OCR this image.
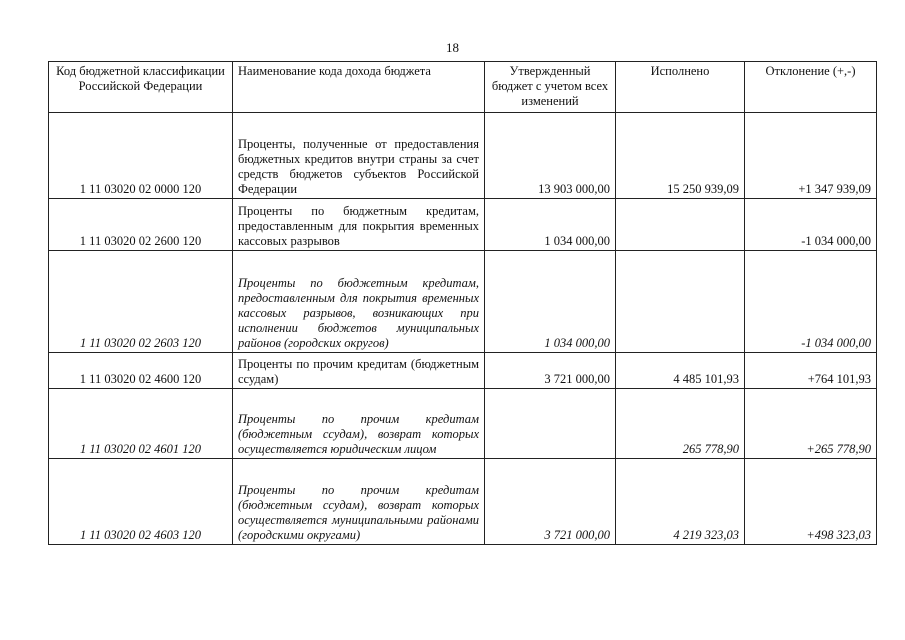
18
Код бюджетной классификации Российской Федерации	Наименование кода дохода бюджета	Утвержденный бюджет с учетом всех изменений	Исполнено	Отклонение (+,-)
1 11 03020 02 0000 120	Проценты, полученные от предоставления бюджетных кредитов внутри страны за счет средств бюджетов субъектов Российской Федерации	13 903 000,00	15 250 939,09	+1 347 939,09
1 11 03020 02 2600 120	Проценты по бюджетным кредитам, предоставленным для покрытия временных кассовых разрывов	1 034 000,00		-1 034 000,00
1 11 03020 02 2603 120	Проценты по бюджетным кредитам, предоставленным для покрытия временных кассовых разрывов, возникающих при исполнении бюджетов муниципальных районов (городских округов)	1 034 000,00		-1 034 000,00
1 11 03020 02 4600 120	Проценты по прочим кредитам (бюджетным ссудам)	3 721 000,00	4 485 101,93	+764 101,93
1 11 03020 02 4601 120	Проценты по прочим кредитам (бюджетным ссудам), возврат которых осуществляется юридическим лицом		265 778,90	+265 778,90
1 11 03020 02 4603 120	Проценты по прочим кредитам (бюджетным ссудам), возврат которых осуществляется муниципальными районами (городскими округами)	3 721 000,00	4 219 323,03	+498 323,03
